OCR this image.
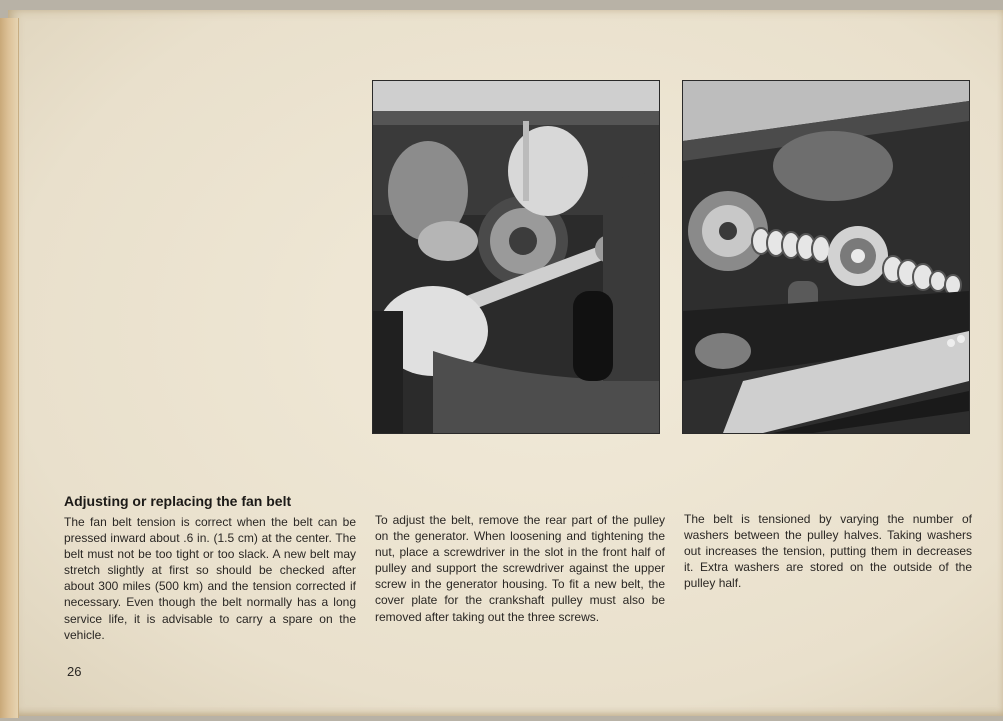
Adjusting or replacing the fan belt

The fan belt tension is correct when the belt can be pressed inward about .6 in. (1.5 cm) at the center. The belt must not be too tight or too slack. A new belt may stretch slightly at first so should be checked after about 300 miles (500 km) and the tension corrected if necessary. Even though the belt normally has a long service life, it is advisable to carry a spare on the vehicle.

To adjust the belt, remove the rear part of the pulley on the generator. When loosening and tightening the nut, place a screwdriver in the slot in the front half of pulley and support the screwdriver against the upper screw in the generator housing. To fit a new belt, the cover plate for the crankshaft pulley must also be removed after taking out the three screws.

The belt is tensioned by varying the number of washers between the pulley halves. Taking washers out increases the tension, putting them in decreases it. Extra washers are stored on the outside of the pulley half.

26
